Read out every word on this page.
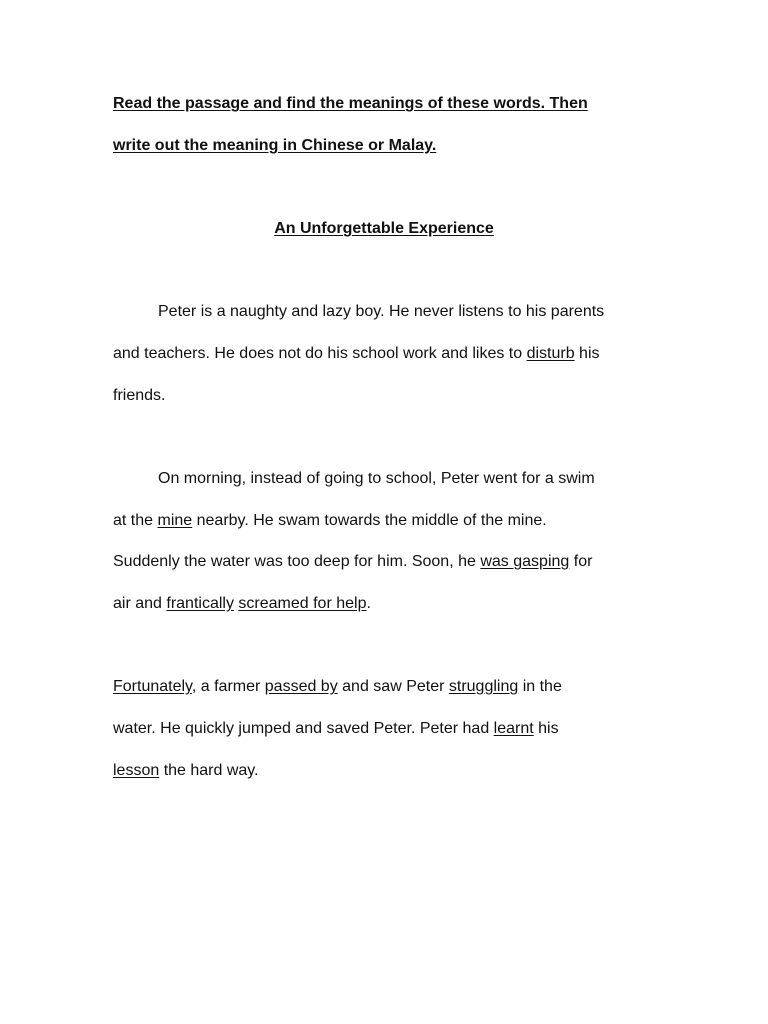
Read the passage and find the meanings of these words. Then
write out the meaning in Chinese or Malay.
An Unforgettable Experience
Peter is a naughty and lazy boy. He never listens to his parents
and teachers. He does not do his school work and likes to disturb his
friends.
On morning, instead of going to school, Peter went for a swim
at the mine nearby. He swam towards the middle of the mine.
Suddenly the water was too deep for him. Soon, he was gasping for
air and frantically screamed for help.
Fortunately, a farmer passed by and saw Peter struggling in the
water. He quickly jumped and saved Peter. Peter had learnt his
lesson the hard way.
